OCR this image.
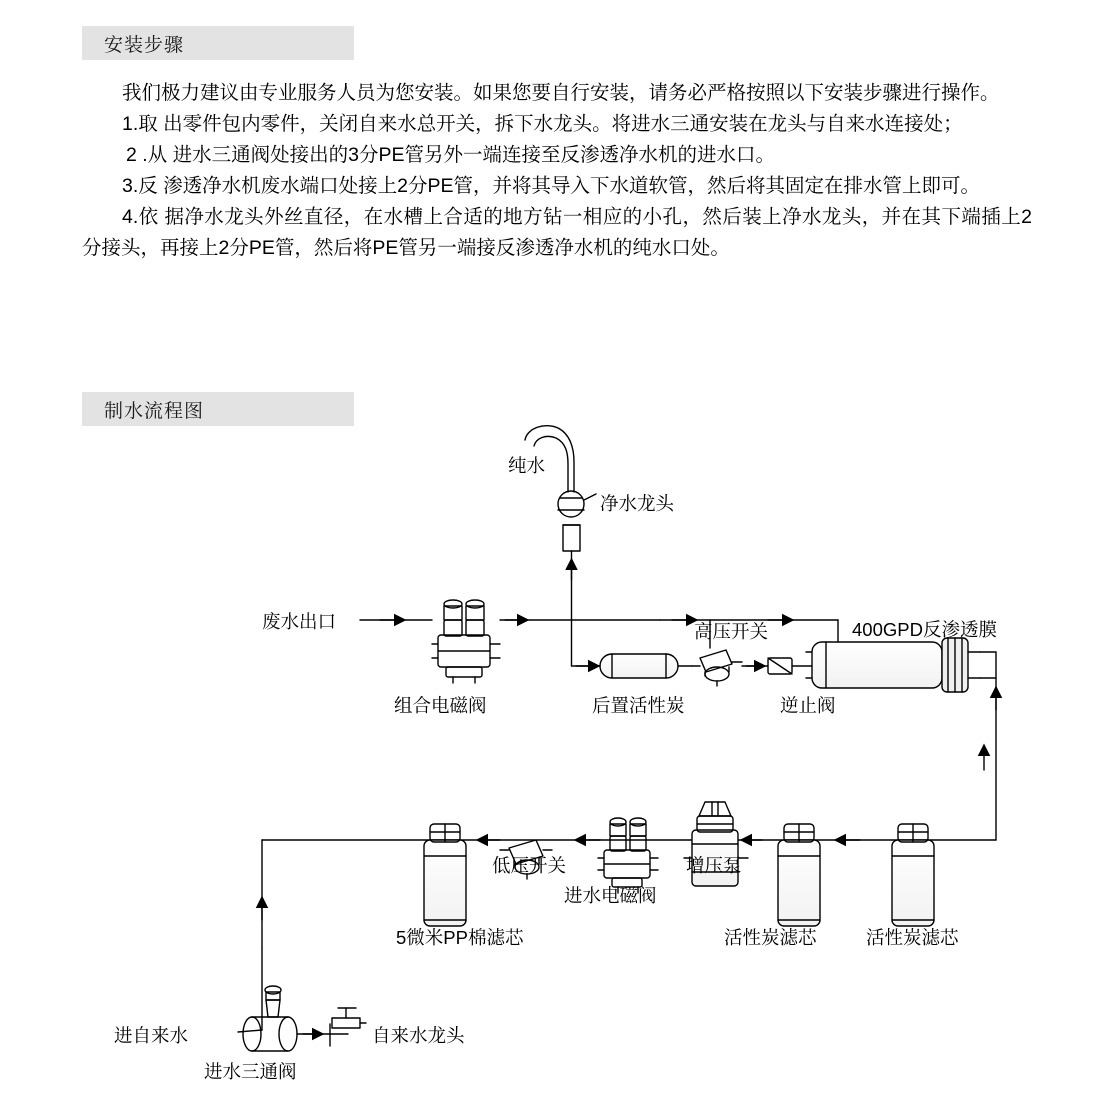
安装步骤

我们极力建议由专业服务人员为您安装。如果您要自行安装，请务必严格按照以下安装步骤进行操作。

1.取 出零件包内零件，关闭自来水总开关，拆下水龙头。将进水三通安装在龙头与自来水连接处；

2 .从 进水三通阀处接出的3分PE管另外一端连接至反渗透净水机的进水口。

3.反 渗透净水机废水端口处接上2分PE管，并将其导入下水道软管，然后将其固定在排水管上即可。

4.依 据净水龙头外丝直径，在水槽上合适的地方钻一相应的小孔，然后装上净水龙头，并在其下端插上2分接头，再接上2分PE管，然后将PE管另一端接反渗透净水机的纯水口处。

制水流程图
纯水
净水龙头
废水出口
组合电磁阀	后置活性炭
高压开关
逆止阀
400GPD反渗透膜
低压开关
进水电磁阀
增压泵
5微米PP棉滤芯	活性炭滤芯	活性炭滤芯
进自来水
进水三通阀
自来水龙头
